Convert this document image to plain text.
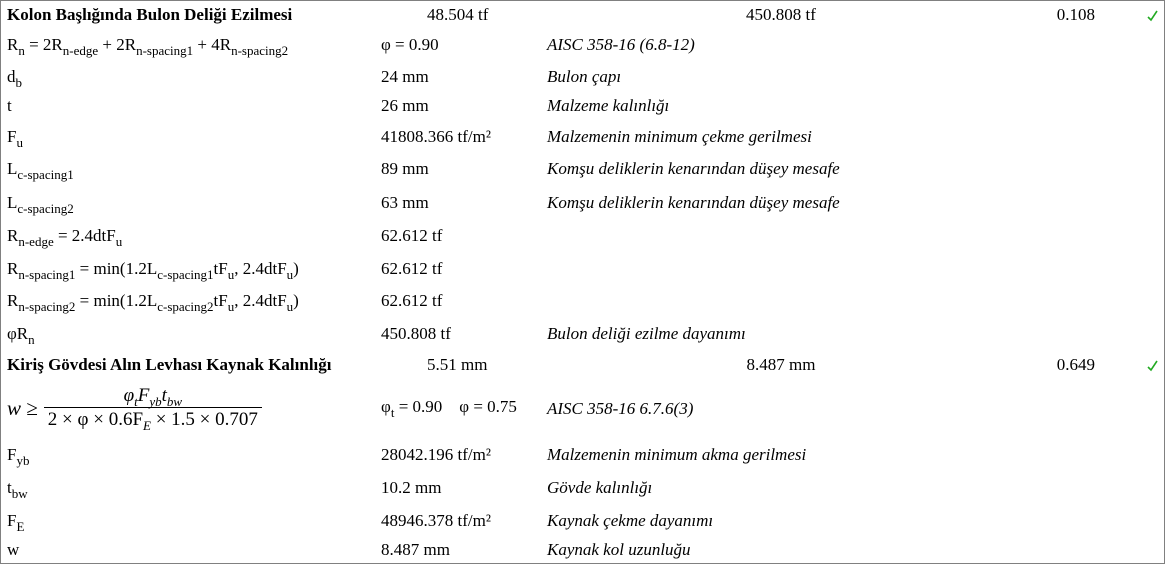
Kolon Başlığında Bulon Deliği Ezilmesi	48.504 tf	450.808 tf	0.108
$R_n = 2R_{n-edge} + 2R_{n-spacing1} + 4R_{n-spacing2}$	φ = 0.90	AISC 358-16 (6.8-12)
$d_b$	24 mm	Bulon çapı
t	26 mm	Malzeme kalınlığı
$F_u$	41808.366 tf/m²	Malzemenin minimum çekme gerilmesi
$L_{c-spacing1}$	89 mm	Komşu deliklerin kenarından düşey mesafe
$L_{c-spacing2}$	63 mm	Komşu deliklerin kenarından düşey mesafe
$R_{n-edge} = 2.4dtF_u$	62.612 tf
$R_{n-spacing1} = \min(1.2L_{c-spacing1}tF_u$, 2.4dtF$_u$)	62.612 tf
$R_{n-spacing2} = \min(1.2L_{c-spacing2}tF_u$, 2.4dtF$_u$)	62.612 tf
$\varphi R_n$	450.808 tf	Bulon deliği ezilme dayanımı
Kiriş Gövdesi Alın Levhası Kaynak Kalınlığı	5.51 mm	8.487 mm	0.649
$w \ge \frac{\varphi_tF_{yb}t_{bw}}{2 \times \varphi \times 0.6F_E \times 1.5 \times 0.707}$	$\varphi_t = 0.90$ φ = 0.75 AISC 358-16 6.7.6(3)
$F_{yb}$	28042.196 tf/m²	Malzemenin minimum akma gerilmesi
$t_{bw}$	10.2 mm	Gövde kalınlığı
$F_E$	48946.378 tf/m²	Kaynak çekme dayanımı
w	8.487 mm	Kaynak kol uzunluğu
